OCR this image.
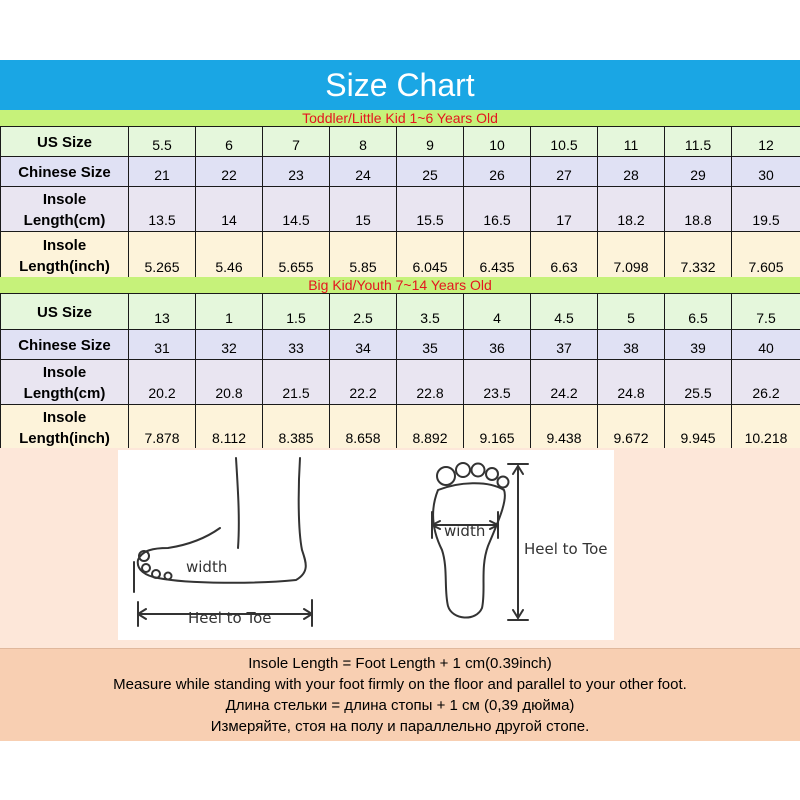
Size Chart
Toddler/Little Kid 1~6 Years Old
US Size	5.5	6	7	8	9	10	10.5	11	11.5	12
Chinese Size	21	22	23	24	25	26	27	28	29	30
Insole Length(cm)	13.5	14	14.5	15	15.5	16.5	17	18.2	18.8	19.5
Insole Length(inch)	5.265	5.46	5.655	5.85	6.045	6.435	6.63	7.098	7.332	7.605
Big Kid/Youth 7~14 Years Old
US Size	13	1	1.5	2.5	3.5	4	4.5	5	6.5	7.5
Chinese Size	31	32	33	34	35	36	37	38	39	40
Insole Length(cm)	20.2	20.8	21.5	22.2	22.8	23.5	24.2	24.8	25.5	26.2
Insole Length(inch)	7.878	8.112	8.385	8.658	8.892	9.165	9.438	9.672	9.945	10.218
width
Heel to Toe
width
Heel to Toe
Insole Length = Foot Length + 1 cm(0.39inch)
Measure while standing with your foot firmly on the floor and parallel to your other foot.
Длина стельки = длина стопы + 1 см (0,39 дюйма)
Измеряйте, стоя на полу и параллельно другой стопе.
